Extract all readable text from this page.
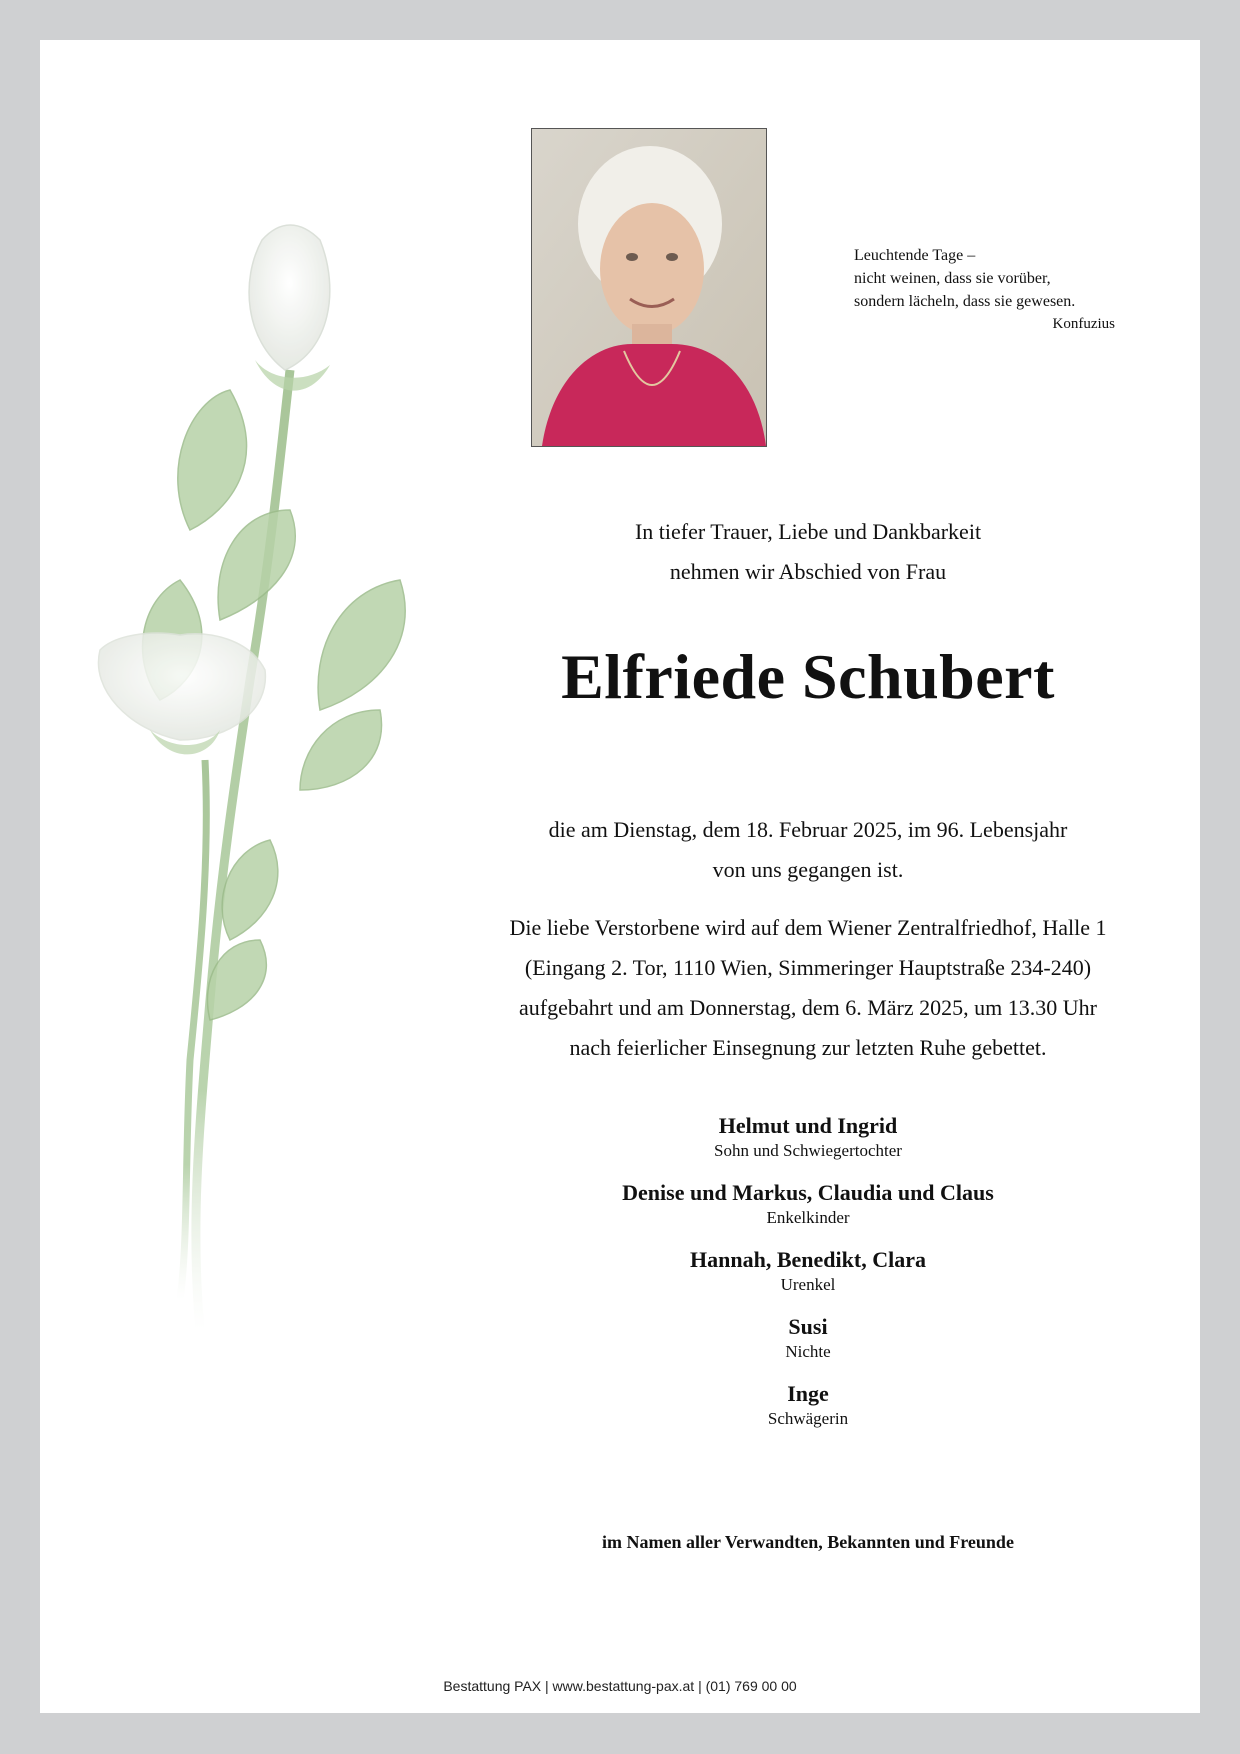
Leuchtende Tage –
nicht weinen, dass sie vorüber,
sondern lächeln, dass sie gewesen.
Konfuzius
In tiefer Trauer, Liebe und Dankbarkeit
nehmen wir Abschied von Frau
Elfriede Schubert
die am Dienstag, dem 18. Februar 2025, im 96. Lebensjahr
von uns gegangen ist.
Die liebe Verstorbene wird auf dem Wiener Zentralfriedhof, Halle 1
(Eingang 2. Tor, 1110 Wien, Simmeringer Hauptstraße 234-240)
aufgebahrt und am Donnerstag, dem 6. März 2025, um 13.30 Uhr
nach feierlicher Einsegnung zur letzten Ruhe gebettet.
Helmut und Ingrid
Sohn und Schwiegertochter
Denise und Markus, Claudia und Claus
Enkelkinder
Hannah, Benedikt, Clara
Urenkel
Susi
Nichte
Inge
Schwägerin
im Namen aller Verwandten, Bekannten und Freunde
Bestattung PAX | www.bestattung-pax.at | (01) 769 00 00
